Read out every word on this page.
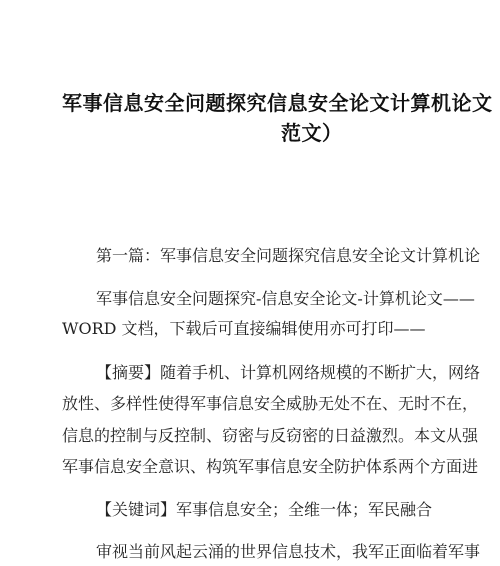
军事信息安全问题探究信息安全论文计算机论文
范文）
第一篇：军事信息安全问题探究信息安全论文计算机论
军事信息安全问题探究-信息安全论文-计算机论文——
WORD 文档，下载后可直接编辑使用亦可打印——
【摘要】随着手机、计算机网络规模的不断扩大，网络
放性、多样性使得军事信息安全威胁无处不在、无时不在，
信息的控制与反控制、窃密与反窃密的日益激烈。本文从强
军事信息安全意识、构筑军事信息安全防护体系两个方面进
【关键词】军事信息安全；全维一体；军民融合
审视当前风起云涌的世界信息技术，我军正面临着军事
